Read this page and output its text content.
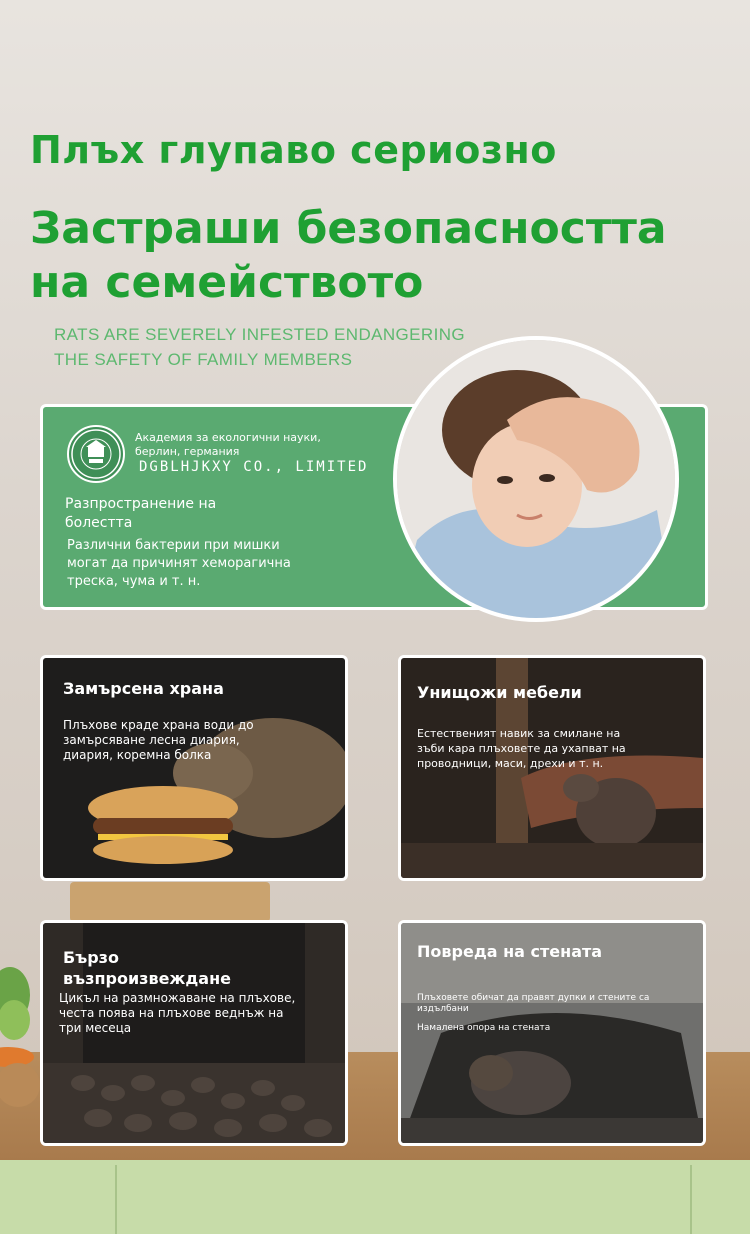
Плъх глупаво сериозно
Застраши безопасността
на семейството
RATS ARE SEVERELY INFESTED ENDANGERING
THE SAFETY OF FAMILY MEMBERS
Академия за екологични науки,
берлин, германия
DGBLHJKXY CO., LIMITED
Разпространение на болестта
Различни бактерии при мишки могат да причинят хеморагична треска, чума и т. н.
Замърсена храна
Плъхове краде храна води до замърсяване лесна диария, диария, коремна болка
Унищожи мебели
Естественият навик за смилане на зъби кара плъховете да ухапват на проводници, маси, дрехи и т. н.
Бързо възпроизвеждане
Цикъл на размножаване на плъхове, честа поява на плъхове веднъж на три месеца
Повреда на стената
Плъховете обичат да правят дупки и стените са издълбани
Намалена опора на стената
